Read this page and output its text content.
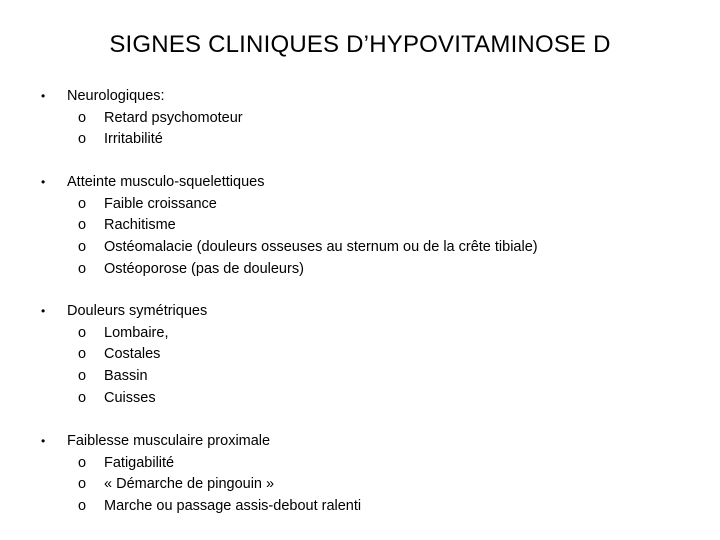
SIGNES CLINIQUES D’HYPOVITAMINOSE D
• Neurologiques:
o Retard psychomoteur
o Irritabilité
• Atteinte musculo-squelettiques
o Faible croissance
o Rachitisme
o Ostéomalacie (douleurs osseuses au sternum ou de la crête tibiale)
o Ostéoporose (pas de douleurs)
• Douleurs symétriques
o Lombaire,
o Costales
o Bassin
o Cuisses
• Faiblesse musculaire proximale
o Fatigabilité
o « Démarche de pingouin »
o Marche ou passage assis-debout ralenti
